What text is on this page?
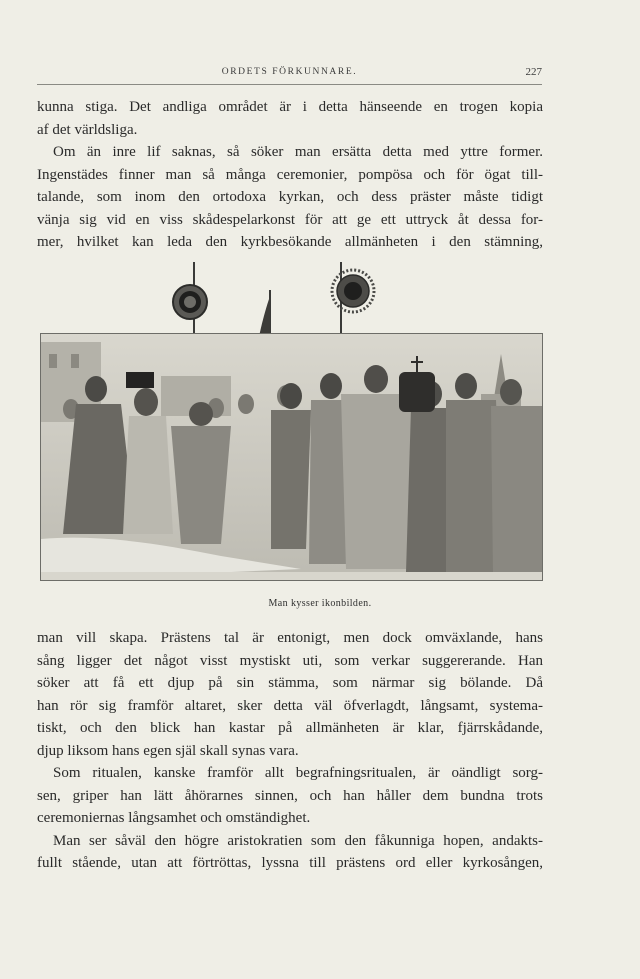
ORDETS FÖRKUNNARE.	227
kunna stiga. Det andliga området är i detta hänseende en trogen kopia
af det världsliga.
Om än inre lif saknas, så söker man ersätta detta med yttre former.
Ingenstädes finner man så många ceremonier, pompösa och för ögat till-
talande, som inom den ortodoxa kyrkan, och dess präster måste tidigt
vänja sig vid en viss skådespelarkonst för att ge ett uttryck åt dessa for-
mer, hvilket kan leda den kyrkbesökande allmänheten i den stämning,
Man kysser ikonbilden.
man vill skapa. Prästens tal är entonigt, men dock omväxlande, hans
sång ligger det något visst mystiskt uti, som verkar suggererande. Han
söker att få ett djup på sin stämma, som närmar sig bölande. Då
han rör sig framför altaret, sker detta väl öfverlagdt, långsamt, systema-
tiskt, och den blick han kastar på allmänheten är klar, fjärrskådande,
djup liksom hans egen själ skall synas vara.
Som ritualen, kanske framför allt begrafningsritualen, är oändligt sorg-
sen, griper han lätt åhörarnes sinnen, och han håller dem bundna trots
ceremoniernas långsamhet och omständighet.
Man ser såväl den högre aristokratien som den fåkunniga hopen, andakts-
fullt stående, utan att förtröttas, lyssna till prästens ord eller kyrkosången,
